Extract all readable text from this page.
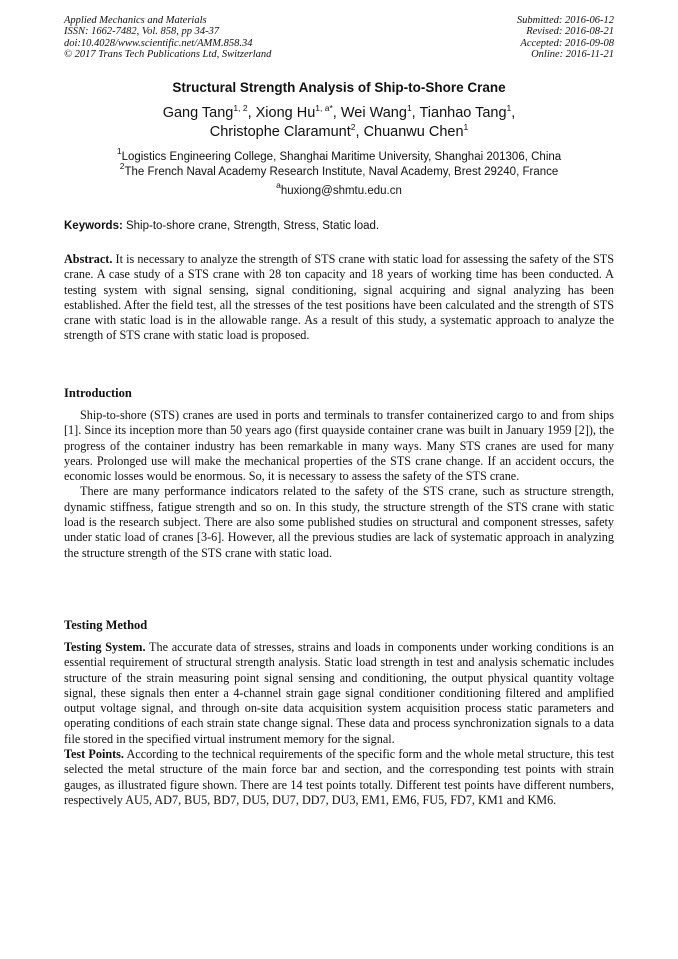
Applied Mechanics and Materials
ISSN: 1662-7482, Vol. 858, pp 34-37
doi:10.4028/www.scientific.net/AMM.858.34
© 2017 Trans Tech Publications Ltd, Switzerland
Submitted: 2016-06-12
Revised: 2016-08-21
Accepted: 2016-09-08
Online: 2016-11-21
Structural Strength Analysis of Ship-to-Shore Crane
Gang Tang$^{1, 2}$, Xiong $Hu^{1, a*}$, Wei Wang$^1$, Tianhao Tang$^1$,
Christophe Claramunt$^2$, Chuanwu Chen$^1$
$^1$Logistics Engineering College, Shanghai Maritime University, Shanghai 201306, China
$^2$The French Naval Academy Research Institute, Naval Academy, Brest 29240, France
$^a$huxiong@shmtu.edu.cn
Keywords: Ship-to-shore crane, Strength, Stress, Static load.

Abstract. It is necessary to analyze the strength of STS crane with static load for assessing the safety of the STS crane. A case study of a STS crane with 28 ton capacity and 18 years of working time has been conducted. A testing system with signal sensing, signal conditioning, signal acquiring and signal analyzing has been established. After the field test, all the stresses of the test positions have been calculated and the strength of STS crane with static load is in the allowable range. As a result of this study, a systematic approach to analyze the strength of STS crane with static load is proposed.

Introduction

Ship-to-shore (STS) cranes are used in ports and terminals to transfer containerized cargo to and from ships [1]. Since its inception more than 50 years ago (first quayside container crane was built in January 1959 [2]), the progress of the container industry has been remarkable in many ways. Many STS cranes are used for many years. Prolonged use will make the mechanical properties of the STS crane change. If an accident occurs, the economic losses would be enormous. So, it is necessary to assess the safety of the STS crane.

There are many performance indicators related to the safety of the STS crane, such as structure strength, dynamic stiffness, fatigue strength and so on. In this study, the structure strength of the STS crane with static load is the research subject. There are also some published studies on structural and component stresses, safety under static load of cranes [3-6]. However, all the previous studies are lack of systematic approach in analyzing the structure strength of the STS crane with static load.

Testing Method

Testing System. The accurate data of stresses, strains and loads in components under working conditions is an essential requirement of structural strength analysis. Static load strength in test and analysis schematic includes structure of the strain measuring point signal sensing and conditioning, the output physical quantity voltage signal, these signals then enter a 4-channel strain gage signal conditioner conditioning filtered and amplified output voltage signal, and through on-site data acquisition system acquisition process static parameters and operating conditions of each strain state change signal. These data and process synchronization signals to a data file stored in the specified virtual instrument memory for the signal.

Test Points. According to the technical requirements of the specific form and the whole metal structure, this test selected the metal structure of the main force bar and section, and the corresponding test points with strain gauges, as illustrated figure shown. There are 14 test points totally. Different test points have different numbers, respectively AU5, AD7, BU5, BD7, DU5, DU7, DD7, DU3, EM1, EM6, FU5, FD7, KM1 and KM6.
